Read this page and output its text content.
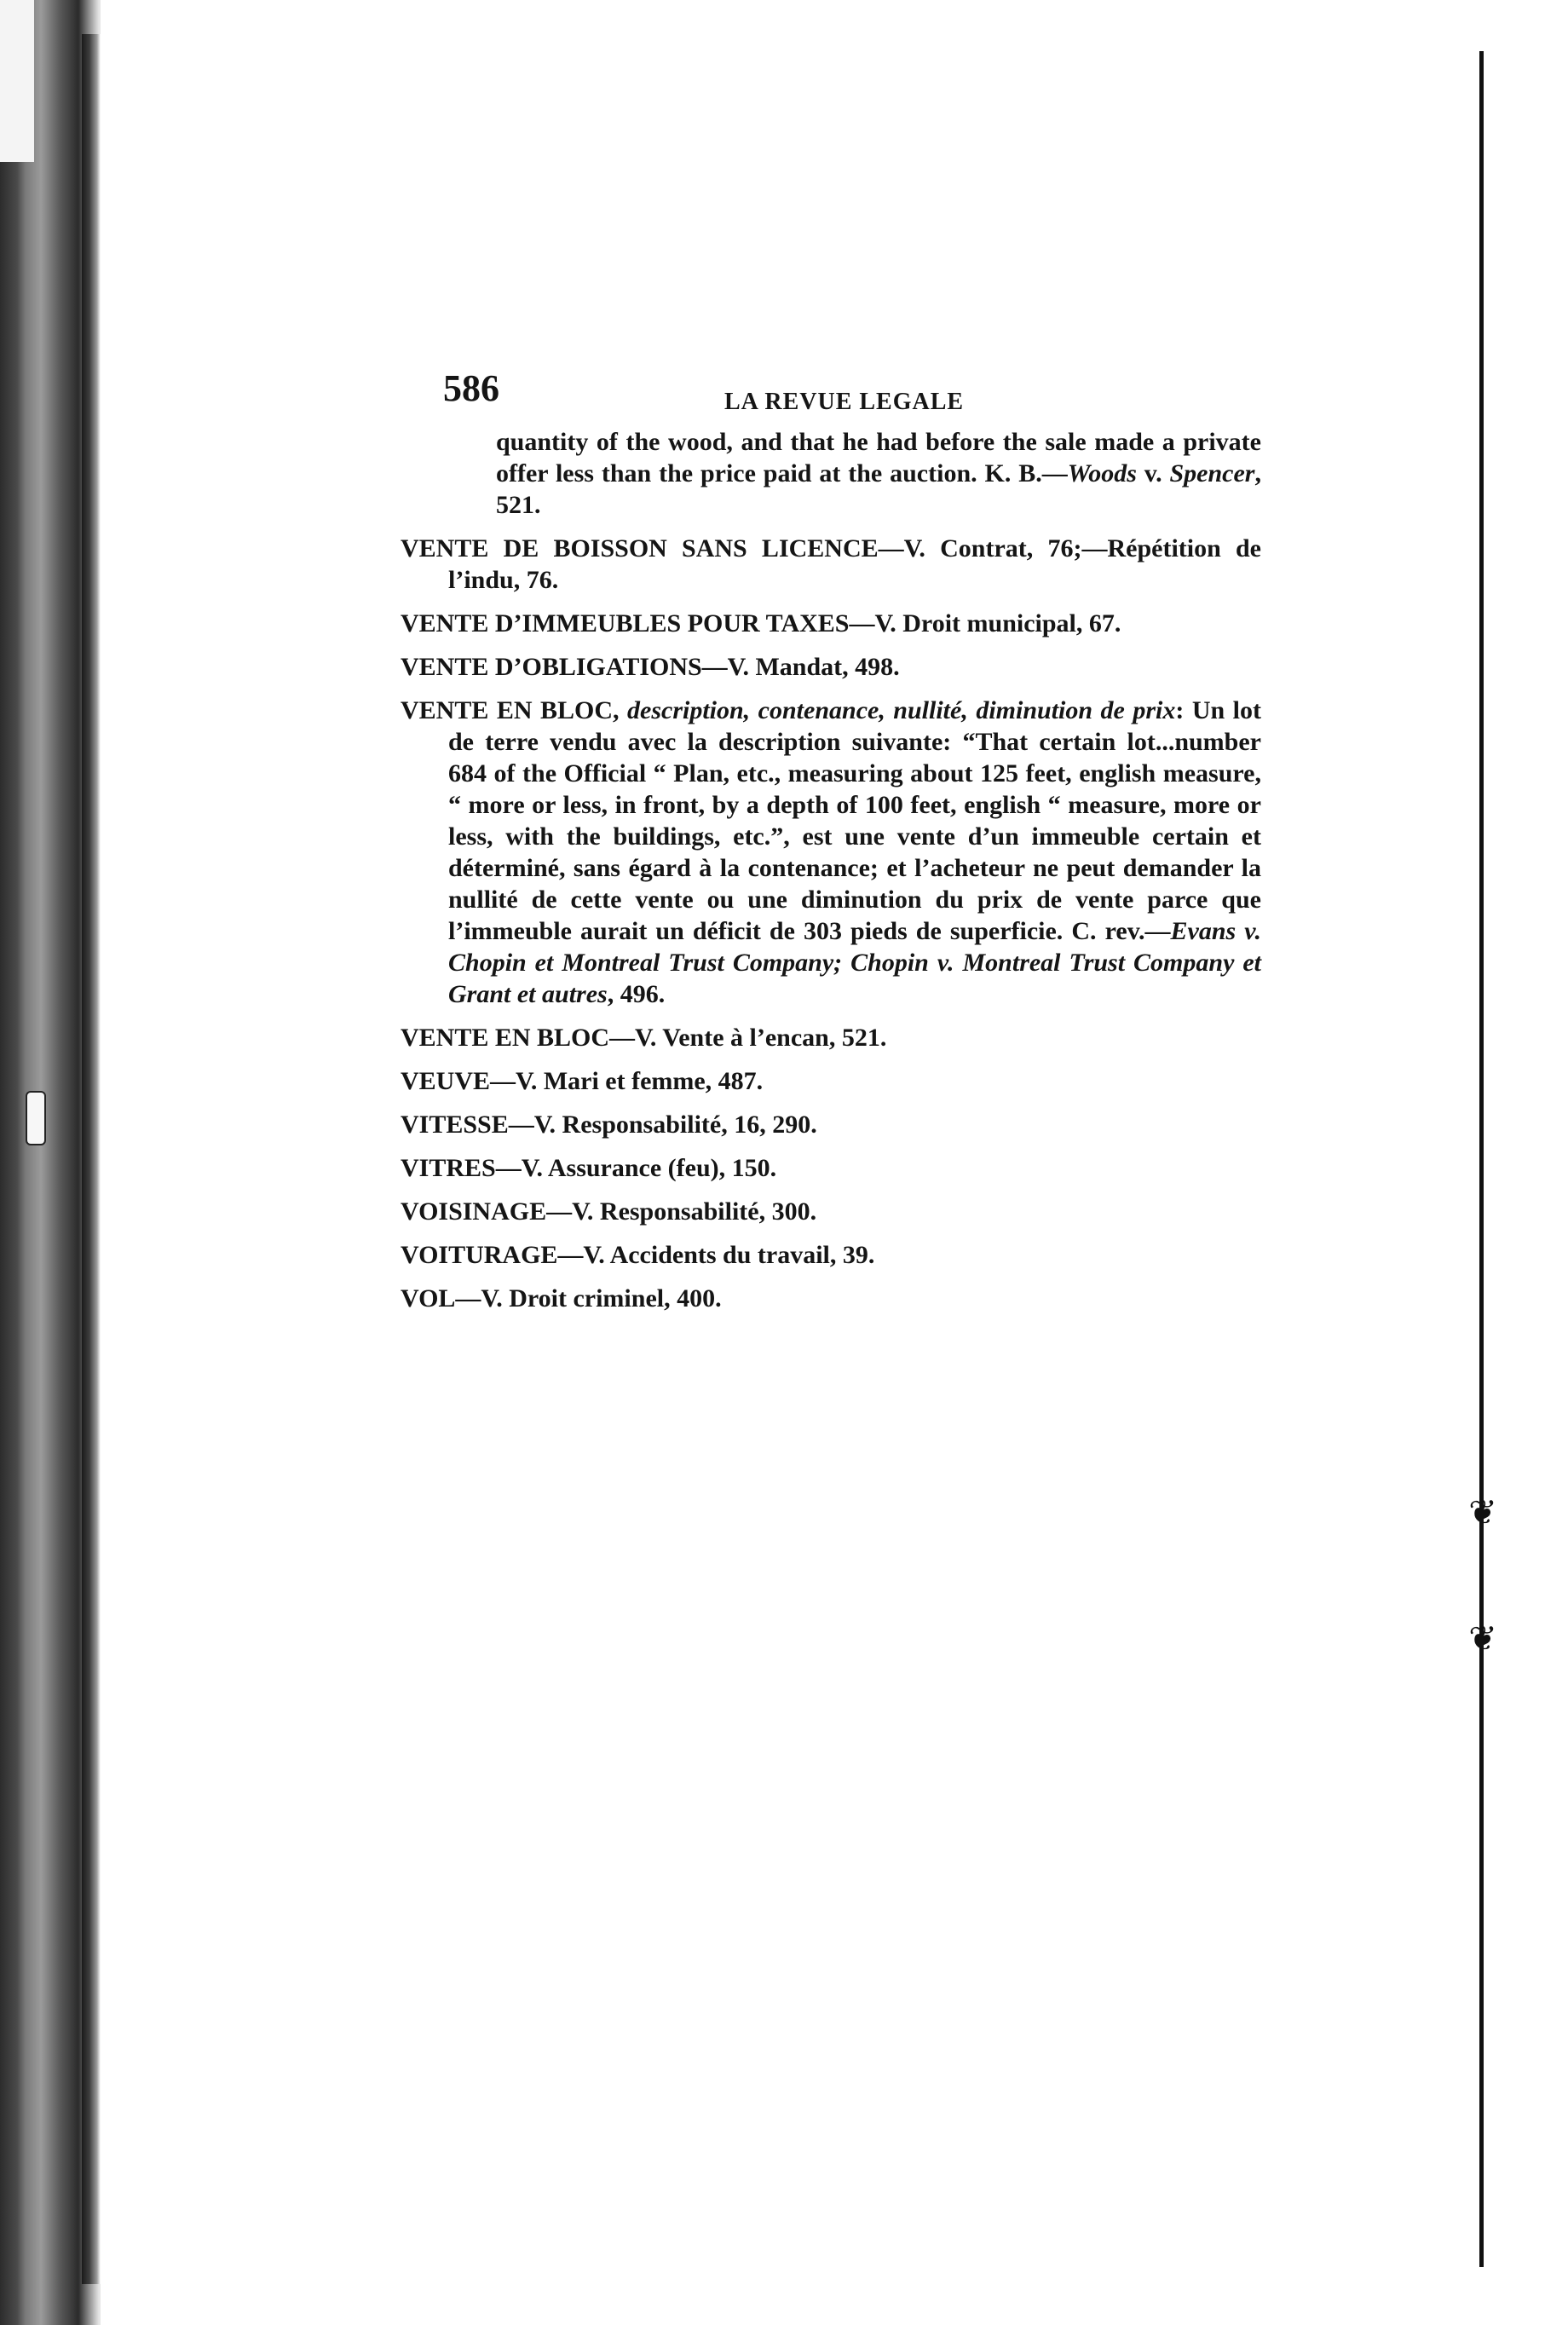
❦
❦
586	LA REVUE LEGALE

quantity of the wood, and that he had before the sale made a private offer less than the price paid at the auction. K. B.—Woods v. Spencer, 521.

VENTE DE BOISSON SANS LICENCE—V. Contrat, 76;—Répétition de l’indu, 76.

VENTE D’IMMEUBLES POUR TAXES—V. Droit municipal, 67.

VENTE D’OBLIGATIONS—V. Mandat, 498.

VENTE EN BLOC, description, contenance, nullité, diminution de prix: Un lot de terre vendu avec la description suivante: “That certain lot...number 684 of the Official “ Plan, etc., measuring about 125 feet, english measure, “ more or less, in front, by a depth of 100 feet, english “ measure, more or less, with the buildings, etc.”, est une vente d’un immeuble certain et déterminé, sans égard à la contenance; et l’acheteur ne peut demander la nullité de cette vente ou une diminution du prix de vente parce que l’immeuble aurait un déficit de 303 pieds de superficie. C. rev.—Evans v. Chopin et Montreal Trust Company; Chopin v. Montreal Trust Company et Grant et autres, 496.

VENTE EN BLOC—V. Vente à l’encan, 521.

VEUVE—V. Mari et femme, 487.

VITESSE—V. Responsabilité, 16, 290.

VITRES—V. Assurance (feu), 150.

VOISINAGE—V. Responsabilité, 300.

VOITURAGE—V. Accidents du travail, 39.

VOL—V. Droit criminel, 400.
